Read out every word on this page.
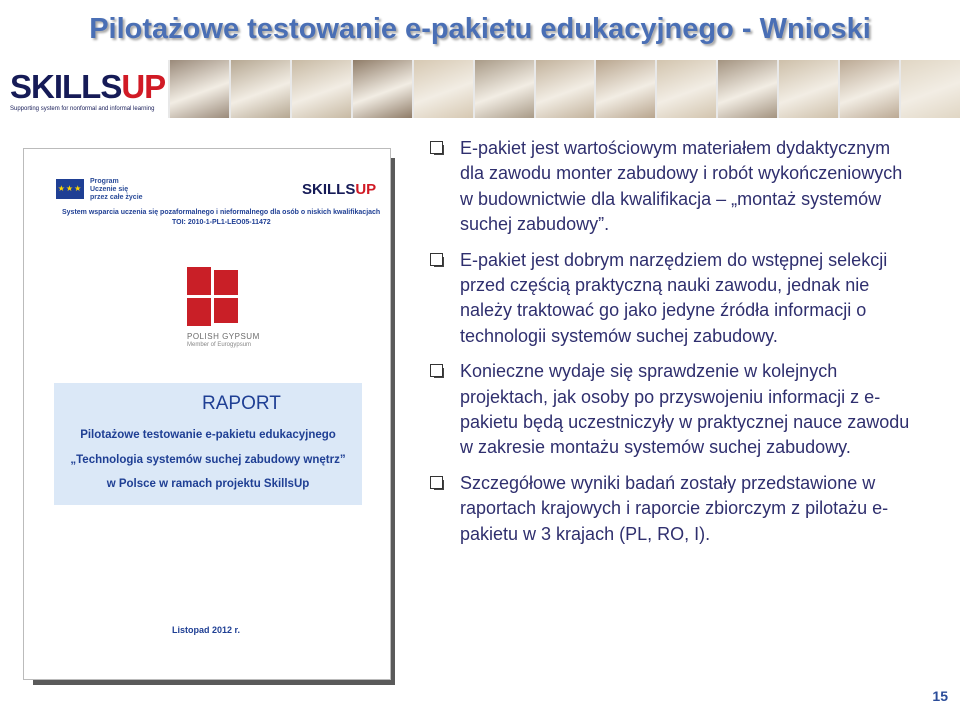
Pilotażowe testowanie e-pakietu edukacyjnego - Wnioski
SKILLSUP
Supporting system for nonformal and informal learning
★★★
Program
Uczenie się
przez całe życie	SKILLSUP
System wsparcia uczenia się pozaformalnego i nieformalnego dla osób o niskich kwalifikacjach
TOI: 2010-1-PL1-LEO05-11472
POLISH GYPSUM
Member of Eurogypsum
RAPORT
Pilotażowe testowanie e-pakietu edukacyjnego
„Technologia systemów suchej zabudowy wnętrz”
w Polsce w ramach projektu SkillsUp
Listopad 2012 r.
E-pakiet jest wartościowym materiałem dydaktycznym dla zawodu monter zabudowy i robót wykończeniowych w budownictwie dla kwalifikacja – „montaż systemów suchej zabudowy”.
E-pakiet jest dobrym narzędziem do wstępnej selekcji przed częścią praktyczną nauki zawodu, jednak nie należy traktować go jako jedyne źródła informacji o technologii systemów suchej zabudowy.
Konieczne wydaje się sprawdzenie w kolejnych projektach, jak osoby po przyswojeniu informacji z e-pakietu będą uczestniczyły w praktycznej nauce zawodu w zakresie montażu systemów suchej zabudowy.
Szczegółowe wyniki badań zostały przedstawione w raportach krajowych i raporcie zbiorczym z pilotażu e-pakietu w 3 krajach (PL, RO, I).
15
